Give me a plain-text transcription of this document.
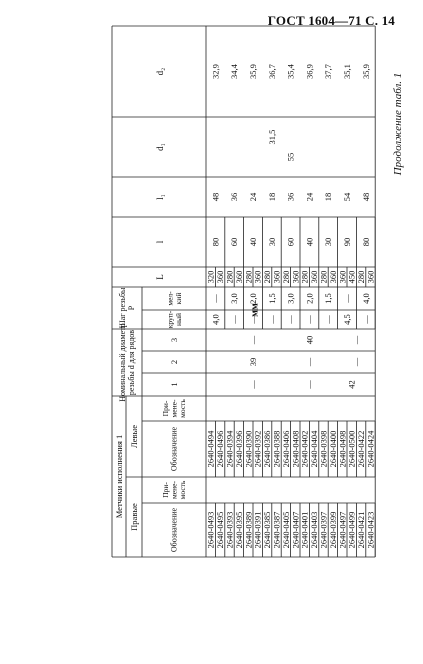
ГОСТ 1604—71 С. 14
Продолжение табл. 1
мм
Метчики исполнения 1 Правые
Левые
Обозначение
При- мене- мость
Обозначение
При- мене- мость
Номинальный диаметр резьбы d для рядов	1
2
3
Шаг резьбы P
круп- ный
мел- кий
L
l
l₁
d₁
d₂
2640-0493
2640-0494
320
80
48
32,9
2640-0495
2640-0496
360
2640-0393
2640-0394
280
60
36
34,4
2640-0395
2640-0396
360
2640-0389
2640-0390
280
40
24
35,9
2640-0391
2640-0392
360
2640-0385
2640-0386
280
30
18
36,7
2640-0387
2640-0388
360
2640-0405
2640-0406
280
60
36
35,4
2640-0407
2640-0408
360
2640-0401
2640-0402
280
40
24
36,9
2640-0403
2640-0404
360
2640-0397
2640-0398
280
30
18
37,7
2640-0399
2640-0400
360
2640-0497
2640-0498
360
90
54
35,1
2640-0499
2640-0500
450
2640-0421
2640-0422
280
80
48
35,9
2640-0423
2640-0424
360
4,0
—
—
3,0
—
2,0
—
1,5
—
3,0
—
2,0
—
1,5
4,5
—
—
4,0
55
31,5
—
39
—
—
—
40
42
—
—
